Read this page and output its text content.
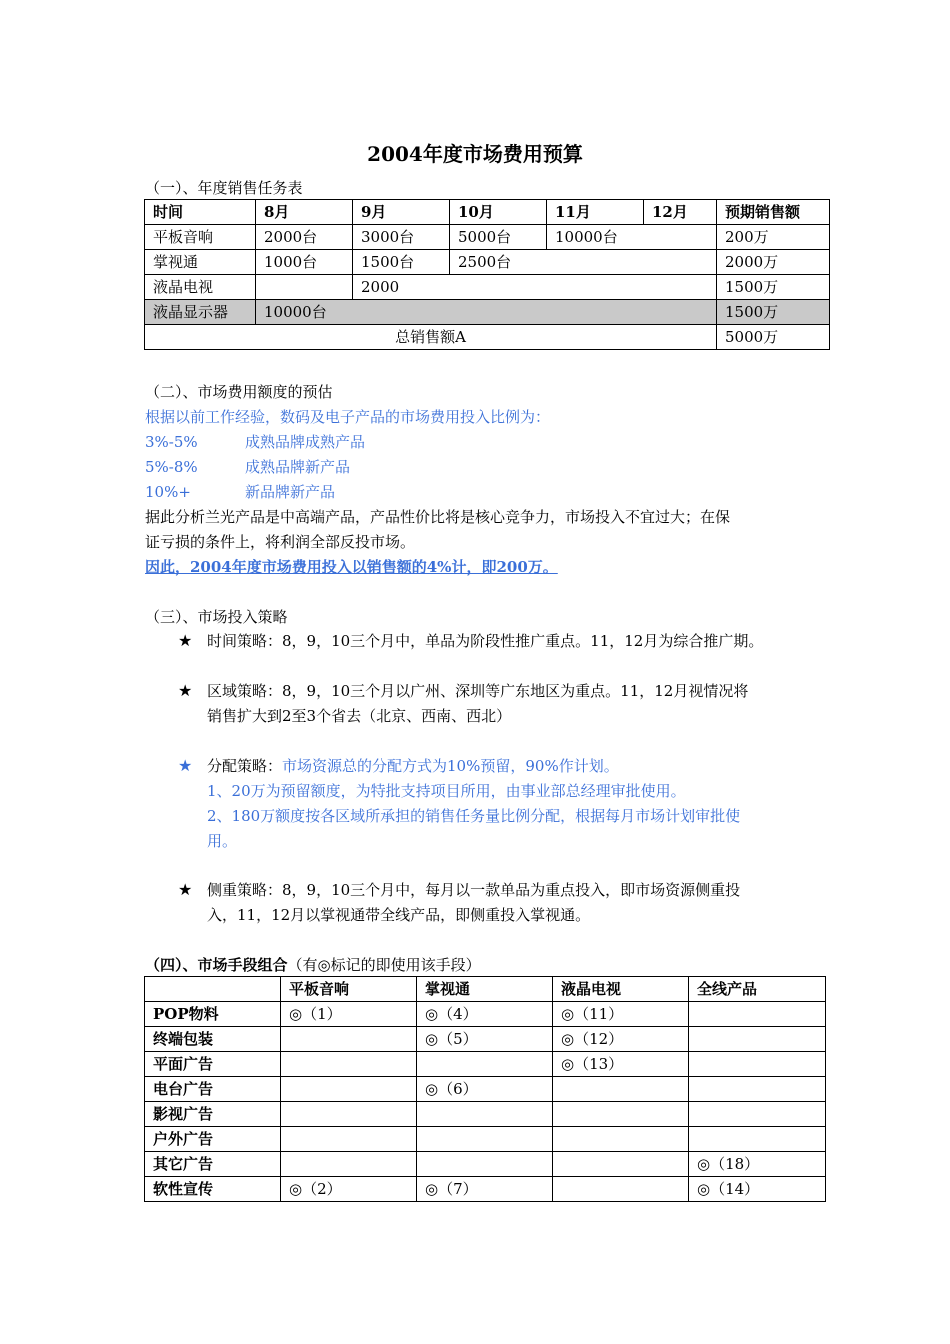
2004年度市场费用预算
（一）、年度销售任务表
时间	8月	9月	10月	11月	12月	预期销售额
平板音响	2000台	3000台	5000台	10000台		200万
掌视通	1000台	1500台	2500台			2000万
液晶电视		2000				1500万
液晶显示器	10000台					1500万
总销售额A						5000万
（二）、市场费用额度的预估
根据以前工作经验，数码及电子产品的市场费用投入比例为：
3%-5%	成熟品牌成熟产品
5%-8%	成熟品牌新产品
10%+	新品牌新产品
据此分析兰光产品是中高端产品，产品性价比将是核心竞争力，市场投入不宜过大；在保
证亏损的条件上，将利润全部反投市场。
因此，2004年度市场费用投入以销售额的4%计，即200万。
（三）、市场投入策略
★ 时间策略：8，9，10三个月中，单品为阶段性推广重点。11，12月为综合推广期。
★ 区域策略：8，9，10三个月以广州、深圳等广东地区为重点。11，12月视情况将
销售扩大到2至3个省去（北京、西南、西北）
★ 分配策略：市场资源总的分配方式为10%预留，90%作计划。
1、20万为预留额度，为特批支持项目所用，由事业部总经理审批使用。
2、180万额度按各区域所承担的销售任务量比例分配，根据每月市场计划审批使
用。
★ 侧重策略：8，9，10三个月中，每月以一款单品为重点投入，即市场资源侧重投
入，11，12月以掌视通带全线产品，即侧重投入掌视通。
（四）、市场手段组合（有◎标记的即使用该手段）
	平板音响	掌视通	液晶电视	全线产品
POP物料	◎（1）	◎（4）	◎（11）	
终端包装		◎（5）	◎（12）	
平面广告			◎（13）	
电台广告		◎（6）		
影视广告				
户外广告				
其它广告				◎（18）
软性宣传	◎（2）	◎（7）		◎（14）
